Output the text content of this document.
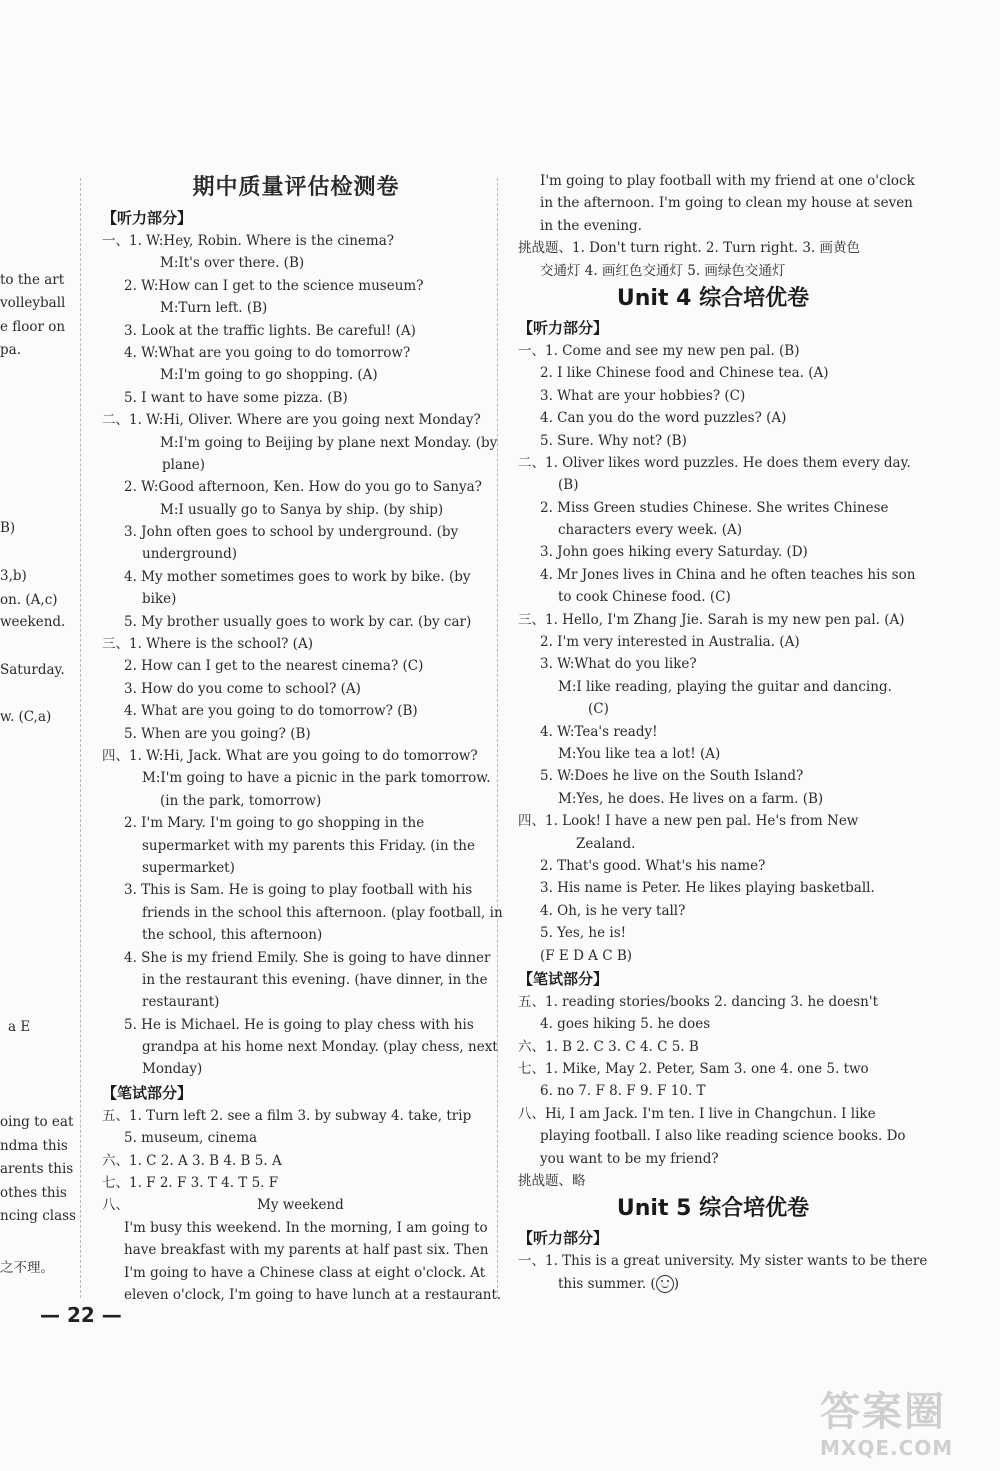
to the art
volleyball
e floor on
pa.
B)
3,b)
on. (A,c)
weekend.
Saturday.
w. (C,a)
a E
oing to eat
ndma this
arents this
othes this
ncing class
之不理。
期中质量评估检测卷
【听力部分】
一、1. W:Hey, Robin. Where is the cinema?
M:It's over there. (B)
2. W:How can I get to the science museum?
M:Turn left. (B)
3. Look at the traffic lights. Be careful! (A)
4. W:What are you going to do tomorrow?
M:I'm going to go shopping. (A)
5. I want to have some pizza. (B)
二、1. W:Hi, Oliver. Where are you going next Monday?
M:I'm going to Beijing by plane next Monday. (by
plane)
2. W:Good afternoon, Ken. How do you go to Sanya?
M:I usually go to Sanya by ship. (by ship)
3. John often goes to school by underground. (by
underground)
4. My mother sometimes goes to work by bike. (by
bike)
5. My brother usually goes to work by car. (by car)
三、1. Where is the school? (A)
2. How can I get to the nearest cinema? (C)
3. How do you come to school? (A)
4. What are you going to do tomorrow? (B)
5. When are you going? (B)
四、1. W:Hi, Jack. What are you going to do tomorrow?
M:I'm going to have a picnic in the park tomorrow.
(in the park, tomorrow)
2. I'm Mary. I'm going to go shopping in the
supermarket with my parents this Friday. (in the
supermarket)
3. This is Sam. He is going to play football with his
friends in the school this afternoon. (play football, in
the school, this afternoon)
4. She is my friend Emily. She is going to have dinner
in the restaurant this evening. (have dinner, in the
restaurant)
5. He is Michael. He is going to play chess with his
grandpa at his home next Monday. (play chess, next
Monday)
【笔试部分】
五、1. Turn left 2. see a film 3. by subway 4. take, trip
5. museum, cinema
六、1. C 2. A 3. B 4. B 5. A
七、1. F 2. F 3. T 4. T 5. F
八、	My weekend
I'm busy this weekend. In the morning, I am going to
have breakfast with my parents at half past six. Then
I'm going to have a Chinese class at eight o'clock. At
eleven o'clock, I'm going to have lunch at a restaurant.
I'm going to play football with my friend at one o'clock
in the afternoon. I'm going to clean my house at seven
in the evening.
挑战题、1. Don't turn right. 2. Turn right. 3. 画黄色
交通灯 4. 画红色交通灯 5. 画绿色交通灯
Unit 4 综合培优卷
【听力部分】
一、1. Come and see my new pen pal. (B)
2. I like Chinese food and Chinese tea. (A)
3. What are your hobbies? (C)
4. Can you do the word puzzles? (A)
5. Sure. Why not? (B)
二、1. Oliver likes word puzzles. He does them every day.
(B)
2. Miss Green studies Chinese. She writes Chinese
characters every week. (A)
3. John goes hiking every Saturday. (D)
4. Mr Jones lives in China and he often teaches his son
to cook Chinese food. (C)
三、1. Hello, I'm Zhang Jie. Sarah is my new pen pal. (A)
2. I'm very interested in Australia. (A)
3. W:What do you like?
M:I like reading, playing the guitar and dancing.
(C)
4. W:Tea's ready!
M:You like tea a lot! (A)
5. W:Does he live on the South Island?
M:Yes, he does. He lives on a farm. (B)
四、1. Look! I have a new pen pal. He's from New
Zealand.
2. That's good. What's his name?
3. His name is Peter. He likes playing basketball.
4. Oh, is he very tall?
5. Yes, he is!
(F E D A C B)
【笔试部分】
五、1. reading stories/books 2. dancing 3. he doesn't
4. goes hiking 5. he does
六、1. B 2. C 3. C 4. C 5. B
七、1. Mike, May 2. Peter, Sam 3. one 4. one 5. two
6. no 7. F 8. F 9. F 10. T
八、Hi, I am Jack. I'm ten. I live in Changchun. I like
playing football. I also like reading science books. Do
you want to be my friend?
挑战题、略
Unit 5 综合培优卷
【听力部分】
一、1. This is a great university. My sister wants to be there
this summer. ( )
— 22 —
答案圈
MXQE.COM
